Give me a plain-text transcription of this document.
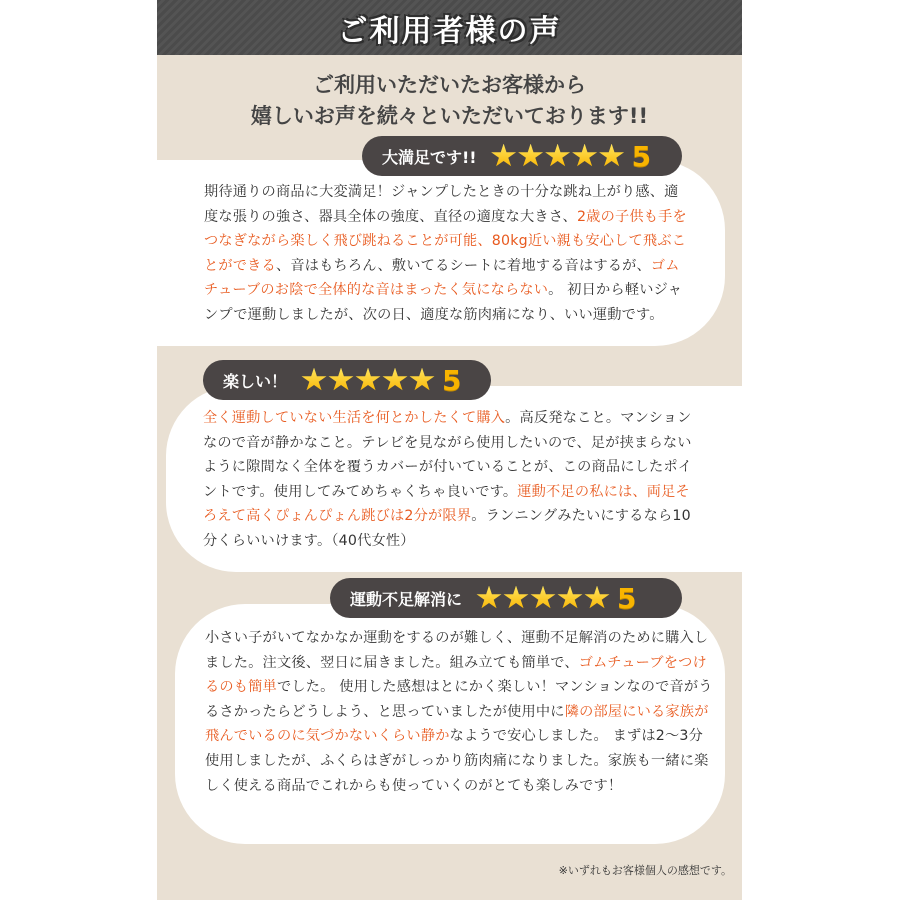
ご利用者様の声
ご利用いただいたお客様から
嬉しいお声を続々といただいております!!
期待通りの商品に大変満足！ジャンプしたときの十分な跳ね上がり感、適度な張りの強さ、器具全体の強度、直径の適度な大きさ、2歳の子供も手をつなぎながら楽しく飛び跳ねることが可能、80kg近い親も安心して飛ぶことができる、音はもちろん、敷いてるシートに着地する音はするが、ゴムチューブのお陰で全体的な音はまったく気にならない。 初日から軽いジャンプで運動しましたが、次の日、適度な筋肉痛になり、いい運動です。
大満足です!!	5
全く運動していない生活を何とかしたくて購入。高反発なこと。マンションなので音が静かなこと。テレビを見ながら使用したいので、足が挟まらないように隙間なく全体を覆うカバーが付いていることが、この商品にしたポイントです。使用してみてめちゃくちゃ良いです。運動不足の私には、両足そろえて高くぴょんぴょん跳びは2分が限界。ランニングみたいにするなら10分くらいいけます。（40代女性）
楽しい！	5
小さい子がいてなかなか運動をするのが難しく、運動不足解消のために購入しました。注文後、翌日に届きました。組み立ても簡単で、ゴムチューブをつけるのも簡単でした。 使用した感想はとにかく楽しい！マンションなので音がうるさかったらどうしよう、と思っていましたが使用中に隣の部屋にいる家族が飛んでいるのに気づかないくらい静かなようで安心しました。 まずは2～3分使用しましたが、ふくらはぎがしっかり筋肉痛になりました。家族も一緒に楽しく使える商品でこれからも使っていくのがとても楽しみです！
運動不足解消に	5
※いずれもお客様個人の感想です。
